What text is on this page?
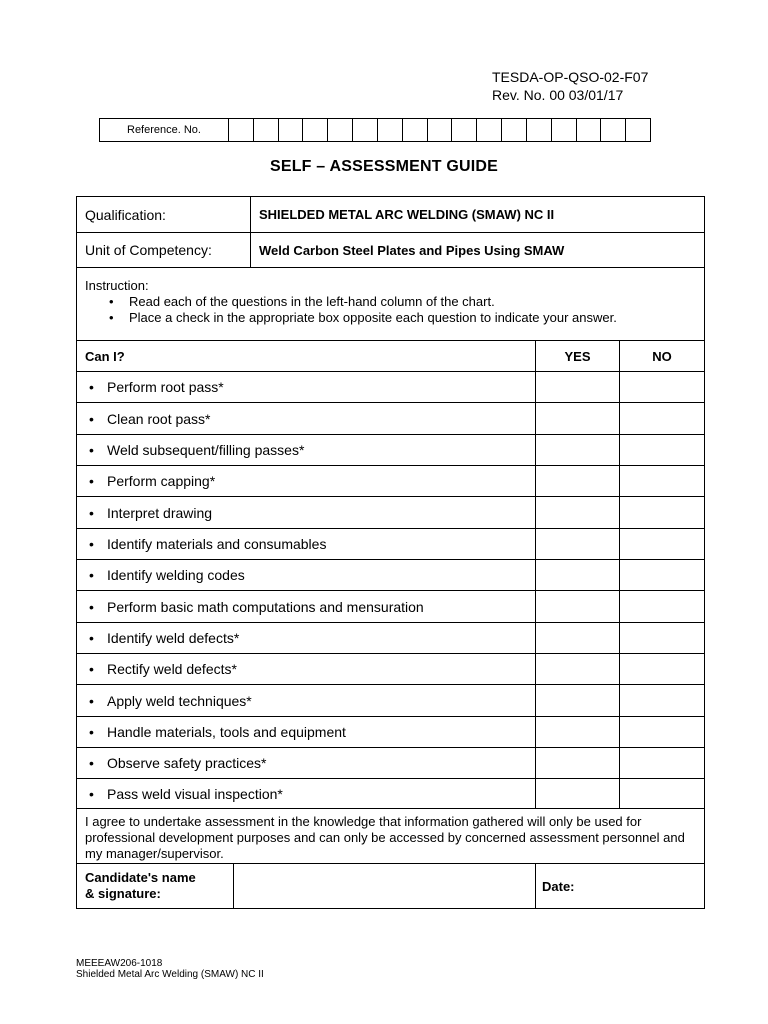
TESDA-OP-QSO-02-F07
Rev. No. 00 03/01/17
Reference. No.
SELF – ASSESSMENT GUIDE
Qualification:	SHIELDED METAL ARC WELDING (SMAW) NC II
Unit of Competency:	Weld Carbon Steel Plates and Pipes Using SMAW
Instruction:
• Read each of the questions in the left-hand column of the chart.
• Place a check in the appropriate box opposite each question to indicate your answer.
Can I?	YES	NO
• Perform root pass*
• Clean root pass*
• Weld subsequent/filling passes*
• Perform capping*
• Interpret drawing
• Identify materials and consumables
• Identify welding codes
• Perform basic math computations and mensuration
• Identify weld defects*
• Rectify weld defects*
• Apply weld techniques*
• Handle materials, tools and equipment
• Observe safety practices*
• Pass weld visual inspection*
I agree to undertake assessment in the knowledge that information gathered will only be used for professional development purposes and can only be accessed by concerned assessment personnel and my manager/supervisor.
Candidate's name
& signature:	Date:
MEEEAW206-1018
Shielded Metal Arc Welding (SMAW) NC II
